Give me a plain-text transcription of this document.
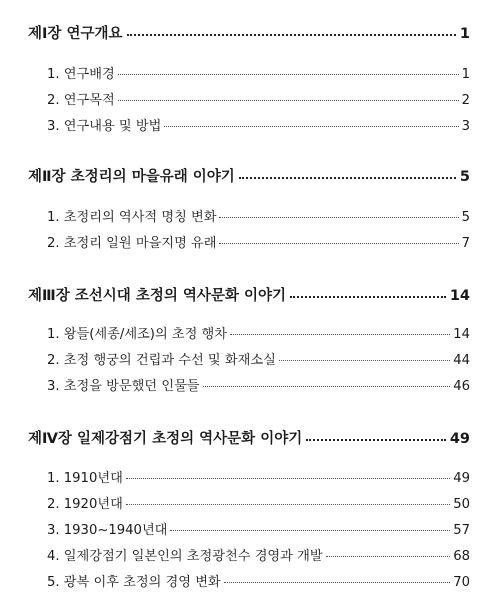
제Ⅰ장 연구개요	1
1. 연구배경	1
2. 연구목적	2
3. 연구내용 및 방법	3
제Ⅱ장 초정리의 마을유래 이야기	5
1. 초정리의 역사적 명칭 변화	5
2. 초정리 일원 마을지명 유래	7
제Ⅲ장 조선시대 초정의 역사문화 이야기	14
1. 왕들(세종/세조)의 초정 행차	14
2. 초정 행궁의 건립과 수선 및 화재소실	44
3. 초정을 방문했던 인물들	46
제Ⅳ장 일제강점기 초정의 역사문화 이야기	49
1. 1910년대	49
2. 1920년대	50
3. 1930~1940년대	57
4. 일제강점기 일본인의 초정광천수 경영과 개발	68
5. 광복 이후 초정의 경영 변화	70
